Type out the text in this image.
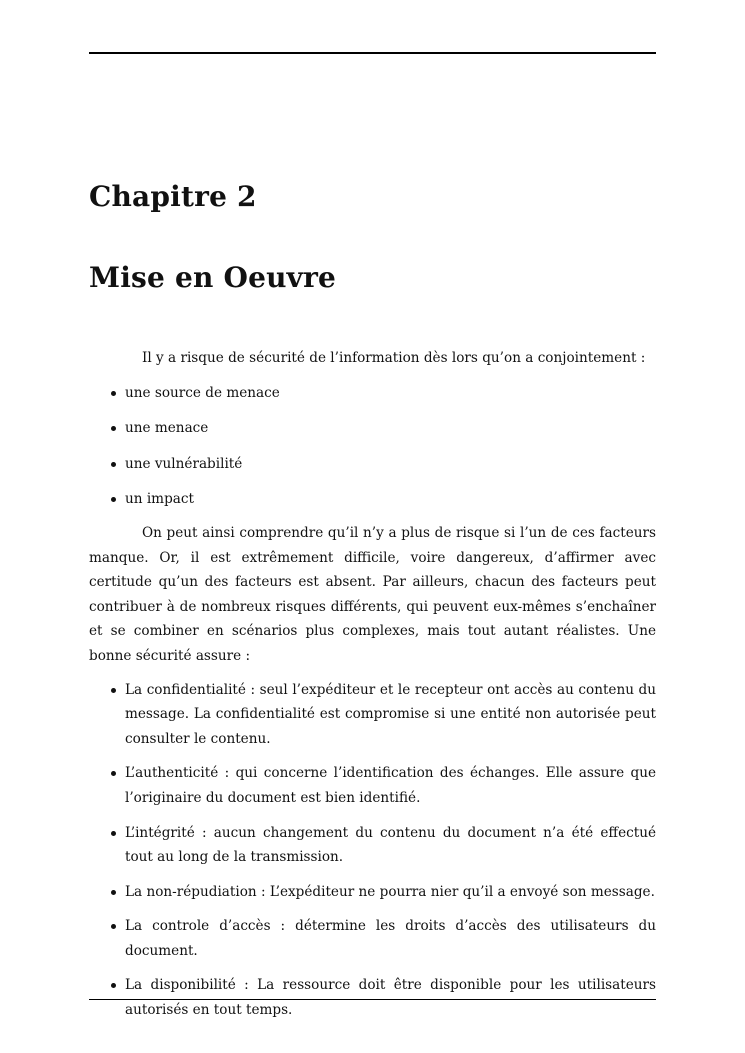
Chapitre 2
Mise en Oeuvre

Il y a risque de sécurité de l’information dès lors qu’on a conjointement :

une source de menace
une menace
une vulnérabilité
un impact

On peut ainsi comprendre qu’il n’y a plus de risque si l’un de ces facteurs manque. Or, il est extrêmement difficile, voire dangereux, d’affirmer avec certitude qu’un des facteurs est absent. Par ailleurs, chacun des facteurs peut contribuer à de nombreux risques différents, qui peuvent eux-mêmes s’enchaîner et se combiner en scénarios plus complexes, mais tout autant réalistes. Une bonne sécurité assure :

La confidentialité : seul l’expéditeur et le recepteur ont accès au contenu du message. La confidentialité est compromise si une entité non autorisée peut consulter le contenu.
L’authenticité : qui concerne l’identification des échanges. Elle assure que l’originaire du document est bien identifié.
L’intégrité : aucun changement du contenu du document n’a été effectué tout au long de la transmission.
La non-répudiation : L’expéditeur ne pourra nier qu’il a envoyé son message.
La controle d’accès : détermine les droits d’accès des utilisateurs du document.
La disponibilité : La ressource doit être disponible pour les utilisateurs autorisés en tout temps.
